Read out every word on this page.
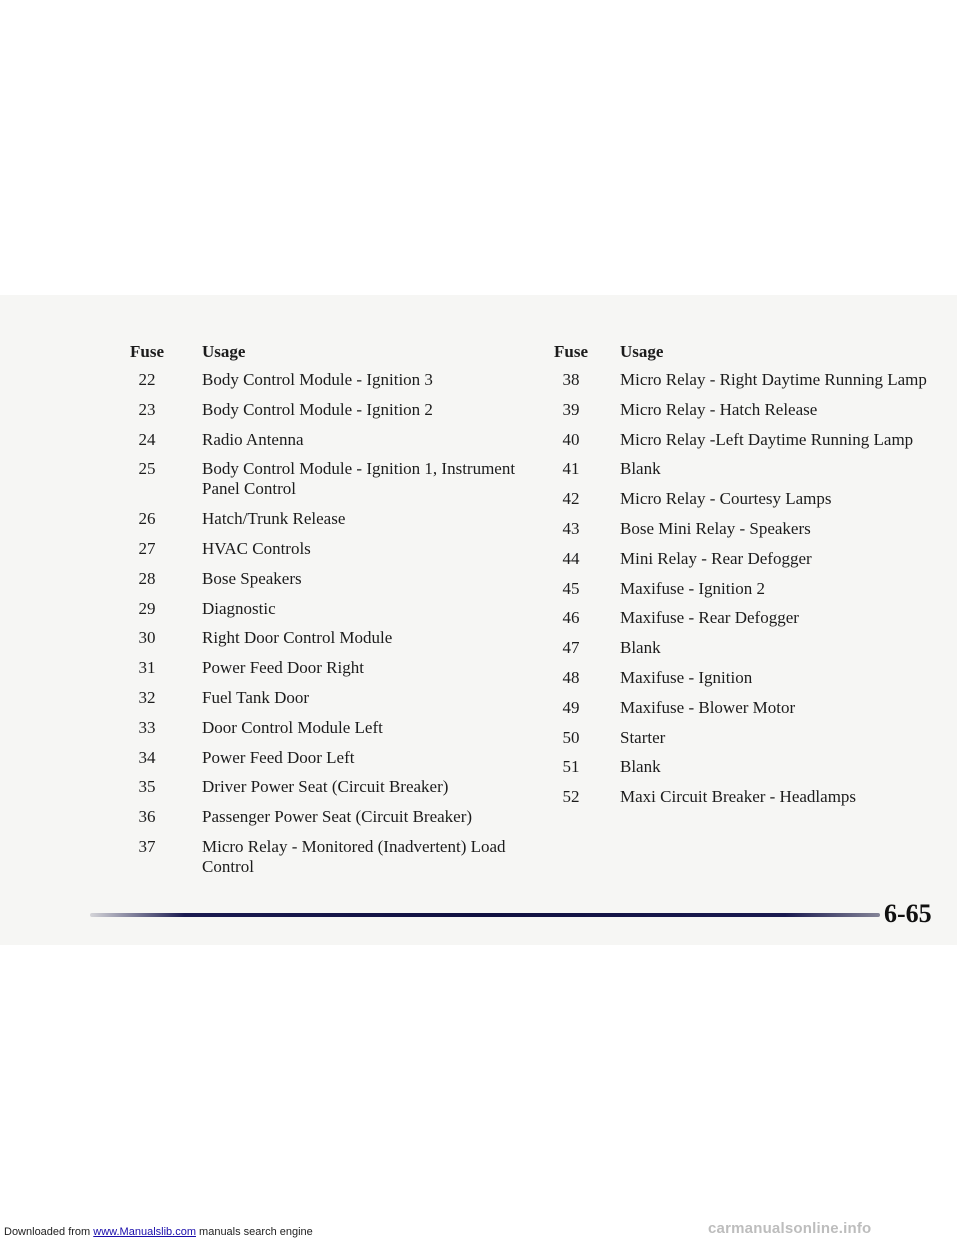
Fuse	Usage
22	Body Control Module - Ignition 3
23	Body Control Module - Ignition 2
24	Radio Antenna
25	Body Control Module - Ignition 1, Instrument Panel Control
26	Hatch/Trunk Release
27	HVAC Controls
28	Bose Speakers
29	Diagnostic
30	Right Door Control Module
31	Power Feed Door Right
32	Fuel Tank Door
33	Door Control Module Left
34	Power Feed Door Left
35	Driver Power Seat (Circuit Breaker)
36	Passenger Power Seat (Circuit Breaker)
37	Micro Relay - Monitored (Inadvertent) Load Control
Fuse	Usage
38	Micro Relay - Right Daytime Running Lamp
39	Micro Relay - Hatch Release
40	Micro Relay -Left Daytime Running Lamp
41	Blank
42	Micro Relay - Courtesy Lamps
43	Bose Mini Relay - Speakers
44	Mini Relay - Rear Defogger
45	Maxifuse - Ignition 2
46	Maxifuse - Rear Defogger
47	Blank
48	Maxifuse - Ignition
49	Maxifuse - Blower Motor
50	Starter
51	Blank
52	Maxi Circuit Breaker - Headlamps
6-65
Downloaded from www.Manualslib.com manuals search engine	carmanualsonline.info
